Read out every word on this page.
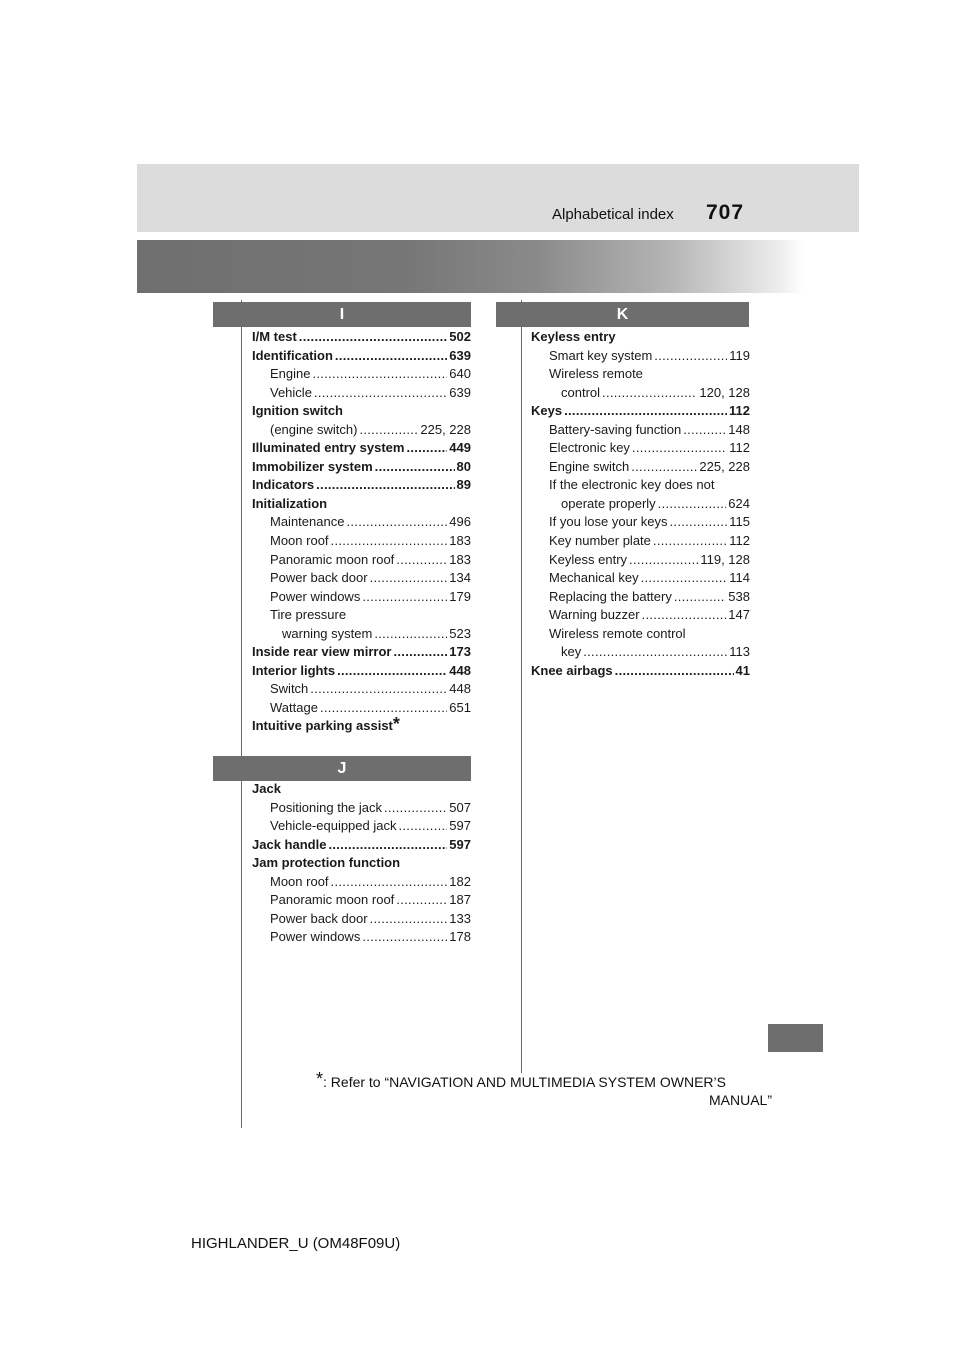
Alphabetical index 707
I
I/M test .....	502
Identification .....	639
Engine .....	640
Vehicle .....	639
Ignition switch
(engine switch) .....	225, 228
Illuminated entry system .....	449
Immobilizer system .....	80
Indicators .....	89
Initialization
Maintenance .....	496
Moon roof .....	183
Panoramic moon roof .....	183
Power back door .....	134
Power windows .....	179
Tire pressure
warning system .....	523
Inside rear view mirror .....	173
Interior lights .....	448
Switch .....	448
Wattage .....	651
Intuitive parking assist *
J
Jack
Positioning the jack .....	507
Vehicle-equipped jack .....	597
Jack handle .....	597
Jam protection function
Moon roof .....	182
Panoramic moon roof .....	187
Power back door .....	133
Power windows .....	178
K
Keyless entry
Smart key system .....	119
Wireless remote
control .....	120, 128
Keys .....	112
Battery-saving function .....	148
Electronic key .....	112
Engine switch .....	225, 228
If the electronic key does not
operate properly .....	624
If you lose your keys .....	115
Key number plate .....	112
Keyless entry .....	119, 128
Mechanical key .....	114
Replacing the battery .....	538
Warning buzzer .....	147
Wireless remote control
key .....	113
Knee airbags .....	41
*: Refer to “NAVIGATION AND MULTIMEDIA SYSTEM OWNER’S
MANUAL”
HIGHLANDER_U (OM48F09U)
